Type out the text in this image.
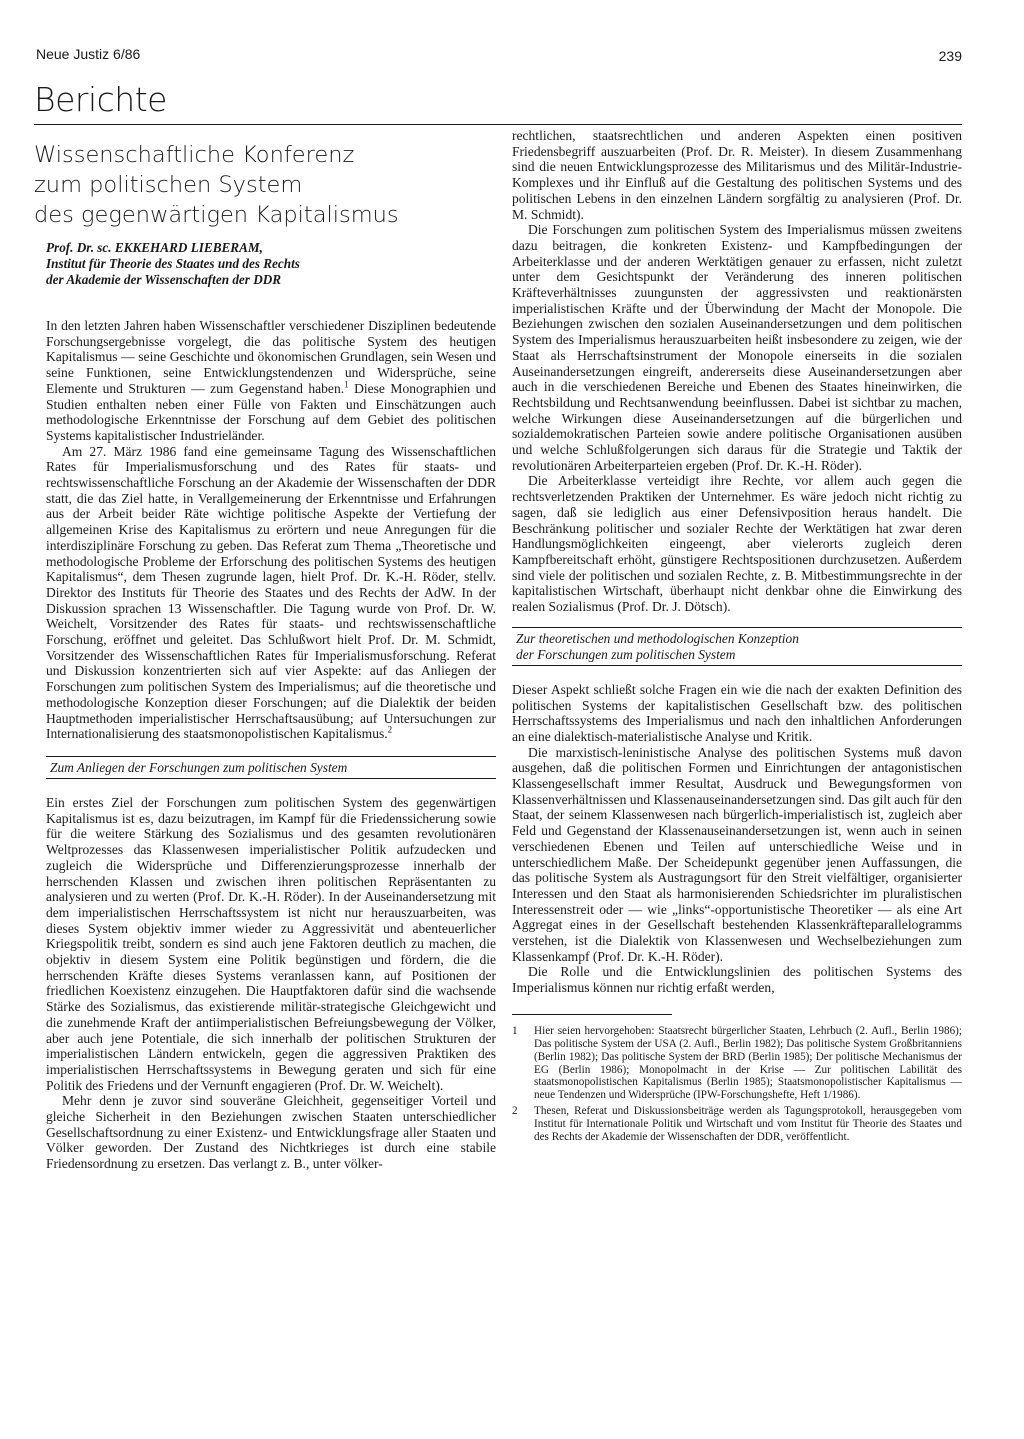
Neue Justiz 6/86	239
Berichte
Wissenschaftliche Konferenz
zum politischen System
des gegenwärtigen Kapitalismus
Prof. Dr. sc. EKKEHARD LIEBERAM,
Institut für Theorie des Staates und des Rechts
der Akademie der Wissenschaften der DDR

In den letzten Jahren haben Wissenschaftler verschiedener Disziplinen bedeutende Forschungsergebnisse vorgelegt, die das politische System des heutigen Kapitalismus — seine Geschichte und ökonomischen Grundlagen, sein Wesen und seine Funktionen, seine Entwicklungstendenzen und Widersprüche, seine Elemente und Strukturen — zum Gegenstand haben.$^1$ Diese Monographien und Studien enthalten neben einer Fülle von Fakten und Einschätzungen auch methodologische Erkenntnisse der Forschung auf dem Gebiet des politischen Systems kapitalistischer Industrieländer.

Am 27. März 1986 fand eine gemeinsame Tagung des Wissenschaftlichen Rates für Imperialismusforschung und des Rates für staats- und rechtswissenschaftliche Forschung an der Akademie der Wissenschaften der DDR statt, die das Ziel hatte, in Verallgemeinerung der Erkenntnisse und Erfahrungen aus der Arbeit beider Räte wichtige politische Aspekte der Vertiefung der allgemeinen Krise des Kapitalismus zu erörtern und neue Anregungen für die interdisziplinäre Forschung zu geben. Das Referat zum Thema „Theoretische und methodologische Probleme der Erforschung des politischen Systems des heutigen Kapitalismus“, dem Thesen zugrunde lagen, hielt Prof. Dr. K.-H. Röder, stellv. Direktor des Instituts für Theorie des Staates und des Rechts der AdW. In der Diskussion sprachen 13 Wissenschaftler. Die Tagung wurde von Prof. Dr. W. Weichelt, Vorsitzender des Rates für staats- und rechtswissenschaftliche Forschung, eröffnet und geleitet. Das Schlußwort hielt Prof. Dr. M. Schmidt, Vorsitzender des Wissenschaftlichen Rates für Imperialismusforschung. Referat und Diskussion konzentrierten sich auf vier Aspekte: auf das Anliegen der Forschungen zum politischen System des Imperialismus; auf die theoretische und methodologische Konzeption dieser Forschungen; auf die Dialektik der beiden Hauptmethoden imperialistischer Herrschaftsausübung; auf Untersuchungen zur Internationalisierung des staatsmonopolistischen Kapitalismus.$^2$

Zum Anliegen der Forschungen zum politischen System

Ein erstes Ziel der Forschungen zum politischen System des gegenwärtigen Kapitalismus ist es, dazu beizutragen, im Kampf für die Friedenssicherung sowie für die weitere Stärkung des Sozialismus und des gesamten revolutionären Weltprozesses das Klassenwesen imperialistischer Politik aufzudecken und zugleich die Widersprüche und Differenzierungsprozesse innerhalb der herrschenden Klassen und zwischen ihren politischen Repräsentanten zu analysieren und zu werten (Prof. Dr. K.-H. Röder). In der Auseinandersetzung mit dem imperialistischen Herrschaftssystem ist nicht nur herauszuarbeiten, was dieses System objektiv immer wieder zu Aggressivität und abenteuerlicher Kriegspolitik treibt, sondern es sind auch jene Faktoren deutlich zu machen, die objektiv in diesem System eine Politik begünstigen und fördern, die die herrschenden Kräfte dieses Systems veranlassen kann, auf Positionen der friedlichen Koexistenz einzugehen. Die Hauptfaktoren dafür sind die wachsende Stärke des Sozialismus, das existierende militär-strategische Gleichgewicht und die zunehmende Kraft der antiimperialistischen Befreiungsbewegung der Völker, aber auch jene Potentiale, die sich innerhalb der politischen Strukturen der imperialistischen Ländern entwickeln, gegen die aggressiven Praktiken des imperialistischen Herrschaftssystems in Bewegung geraten und sich für eine Politik des Friedens und der Vernunft engagieren (Prof. Dr. W. Weichelt).

Mehr denn je zuvor sind souveräne Gleichheit, gegenseitiger Vorteil und gleiche Sicherheit in den Beziehungen zwischen Staaten unterschiedlicher Gesellschaftsordnung zu einer Existenz- und Entwicklungsfrage aller Staaten und Völker geworden. Der Zustand des Nichtkrieges ist durch eine stabile Friedensordnung zu ersetzen. Das verlangt z. B., unter völker-

rechtlichen, staatsrechtlichen und anderen Aspekten einen positiven Friedensbegriff auszuarbeiten (Prof. Dr. R. Meister). In diesem Zusammenhang sind die neuen Entwicklungsprozesse des Militarismus und des Militär-Industrie-Komplexes und ihr Einfluß auf die Gestaltung des politischen Systems und des politischen Lebens in den einzelnen Ländern sorgfältig zu analysieren (Prof. Dr. M. Schmidt).

Die Forschungen zum politischen System des Imperialismus müssen zweitens dazu beitragen, die konkreten Existenz- und Kampfbedingungen der Arbeiterklasse und der anderen Werktätigen genauer zu erfassen, nicht zuletzt unter dem Gesichtspunkt der Veränderung des inneren politischen Kräfteverhältnisses zuungunsten der aggressivsten und reaktionärsten imperialistischen Kräfte und der Überwindung der Macht der Monopole. Die Beziehungen zwischen den sozialen Auseinandersetzungen und dem politischen System des Imperialismus herauszuarbeiten heißt insbesondere zu zeigen, wie der Staat als Herrschaftsinstrument der Monopole einerseits in die sozialen Auseinandersetzungen eingreift, andererseits diese Auseinandersetzungen aber auch in die verschiedenen Bereiche und Ebenen des Staates hineinwirken, die Rechtsbildung und Rechtsanwendung beeinflussen. Dabei ist sichtbar zu machen, welche Wirkungen diese Auseinandersetzungen auf die bürgerlichen und sozialdemokratischen Parteien sowie andere politische Organisationen ausüben und welche Schlußfolgerungen sich daraus für die Strategie und Taktik der revolutionären Arbeiterparteien ergeben (Prof. Dr. K.-H. Röder).

Die Arbeiterklasse verteidigt ihre Rechte, vor allem auch gegen die rechtsverletzenden Praktiken der Unternehmer. Es wäre jedoch nicht richtig zu sagen, daß sie lediglich aus einer Defensivposition heraus handelt. Die Beschränkung politischer und sozialer Rechte der Werktätigen hat zwar deren Handlungsmöglichkeiten eingeengt, aber vielerorts zugleich deren Kampfbereitschaft erhöht, günstigere Rechtspositionen durchzusetzen. Außerdem sind viele der politischen und sozialen Rechte, z. B. Mitbestimmungsrechte in der kapitalistischen Wirtschaft, überhaupt nicht denkbar ohne die Einwirkung des realen Sozialismus (Prof. Dr. J. Dötsch).

Zur theoretischen und methodologischen Konzeption
der Forschungen zum politischen System

Dieser Aspekt schließt solche Fragen ein wie die nach der exakten Definition des politischen Systems der kapitalistischen Gesellschaft bzw. des politischen Herrschaftssystems des Imperialismus und nach den inhaltlichen Anforderungen an eine dialektisch-materialistische Analyse und Kritik.

Die marxistisch-leninistische Analyse des politischen Systems muß davon ausgehen, daß die politischen Formen und Einrichtungen der antagonistischen Klassengesellschaft immer Resultat, Ausdruck und Bewegungsformen von Klassenverhältnissen und Klassenauseinandersetzungen sind. Das gilt auch für den Staat, der seinem Klassenwesen nach bürgerlich-imperialistisch ist, zugleich aber Feld und Gegenstand der Klassenauseinandersetzungen ist, wenn auch in seinen verschiedenen Ebenen und Teilen auf unterschiedliche Weise und in unterschiedlichem Maße. Der Scheidepunkt gegenüber jenen Auffassungen, die das politische System als Austragungsort für den Streit vielfältiger, organisierter Interessen und den Staat als harmonisierenden Schiedsrichter im pluralistischen Interessenstreit oder — wie „links“-opportunistische Theoretiker — als eine Art Aggregat eines in der Gesellschaft bestehenden Klassenkräfteparallelogramms verstehen, ist die Dialektik von Klassenwesen und Wechselbeziehungen zum Klassenkampf (Prof. Dr. K.-H. Röder).

Die Rolle und die Entwicklungslinien des politischen Systems des Imperialismus können nur richtig erfaßt werden,

1	Hier seien hervorgehoben: Staatsrecht bürgerlicher Staaten, Lehrbuch (2. Aufl., Berlin 1986); Das politische System der USA (2. Aufl., Berlin 1982); Das politische System Großbritanniens (Berlin 1982); Das politische System der BRD (Berlin 1985); Der politische Mechanismus der EG (Berlin 1986); Monopolmacht in der Krise — Zur politischen Labilität des staatsmonopolistischen Kapitalismus (Berlin 1985); Staatsmonopolistischer Kapitalismus — neue Tendenzen und Widersprüche (IPW-Forschungshefte, Heft 1/1986).
2	Thesen, Referat und Diskussionsbeiträge werden als Tagungsprotokoll, herausgegeben vom Institut für Internationale Politik und Wirtschaft und vom Institut für Theorie des Staates und des Rechts der Akademie der Wissenschaften der DDR, veröffentlicht.
